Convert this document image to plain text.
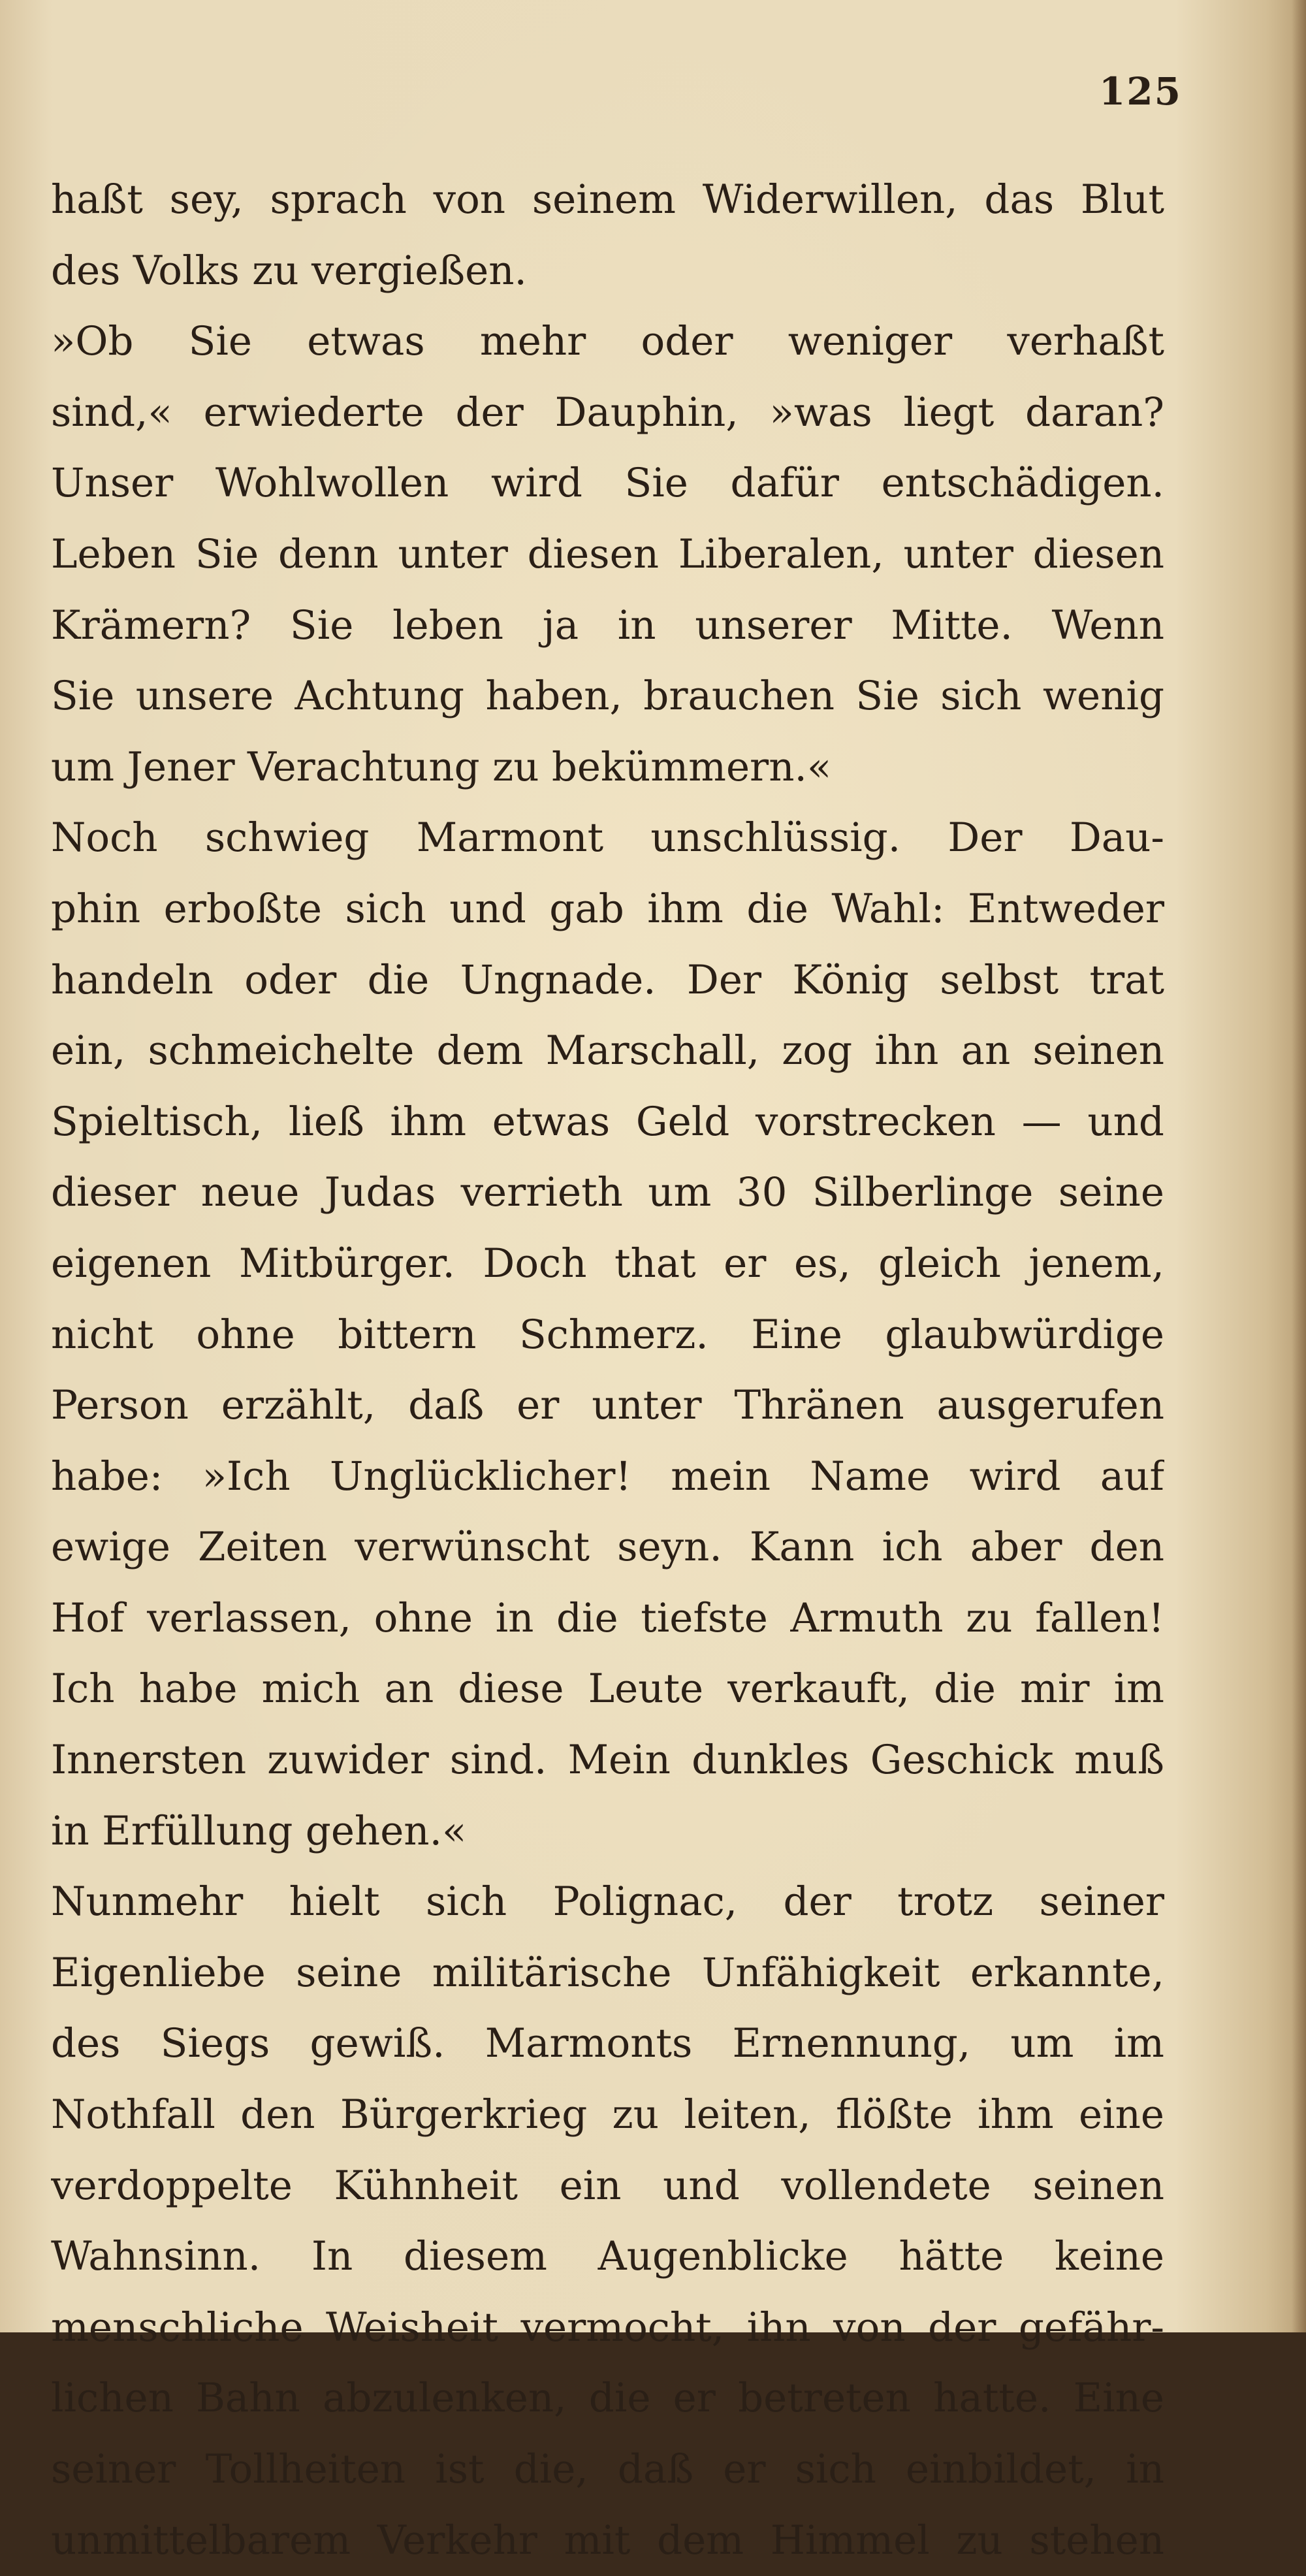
125
haßt sey, sprach von seinem Widerwillen, das Blut
des Volks zu vergießen.
»Ob Sie etwas mehr oder weniger verhaßt
sind,« erwiederte der Dauphin, »was liegt daran?
Unser Wohlwollen wird Sie dafür entschädigen.
Leben Sie denn unter diesen Liberalen, unter diesen
Krämern? Sie leben ja in unserer Mitte. Wenn
Sie unsere Achtung haben, brauchen Sie sich wenig
um Jener Verachtung zu bekümmern.«
Noch schwieg Marmont unschlüssig. Der Dau-
phin erboßte sich und gab ihm die Wahl: Entweder
handeln oder die Ungnade. Der König selbst trat
ein, schmeichelte dem Marschall, zog ihn an seinen
Spieltisch, ließ ihm etwas Geld vorstrecken — und
dieser neue Judas verrieth um 30 Silberlinge seine
eigenen Mitbürger. Doch that er es, gleich jenem,
nicht ohne bittern Schmerz. Eine glaubwürdige
Person erzählt, daß er unter Thränen ausgerufen
habe: »Ich Unglücklicher! mein Name wird auf
ewige Zeiten verwünscht seyn. Kann ich aber den
Hof verlassen, ohne in die tiefste Armuth zu fallen!
Ich habe mich an diese Leute verkauft, die mir im
Innersten zuwider sind. Mein dunkles Geschick muß
in Erfüllung gehen.«
Nunmehr hielt sich Polignac, der trotz seiner
Eigenliebe seine militärische Unfähigkeit erkannte,
des Siegs gewiß. Marmonts Ernennung, um im
Nothfall den Bürgerkrieg zu leiten, flößte ihm eine
verdoppelte Kühnheit ein und vollendete seinen
Wahnsinn. In diesem Augenblicke hätte keine
menschliche Weisheit vermocht, ihn von der gefähr-
lichen Bahn abzulenken, die er betreten hatte. Eine
seiner Tollheiten ist die, daß er sich einbildet, in
unmittelbarem Verkehr mit dem Himmel zu stehen
